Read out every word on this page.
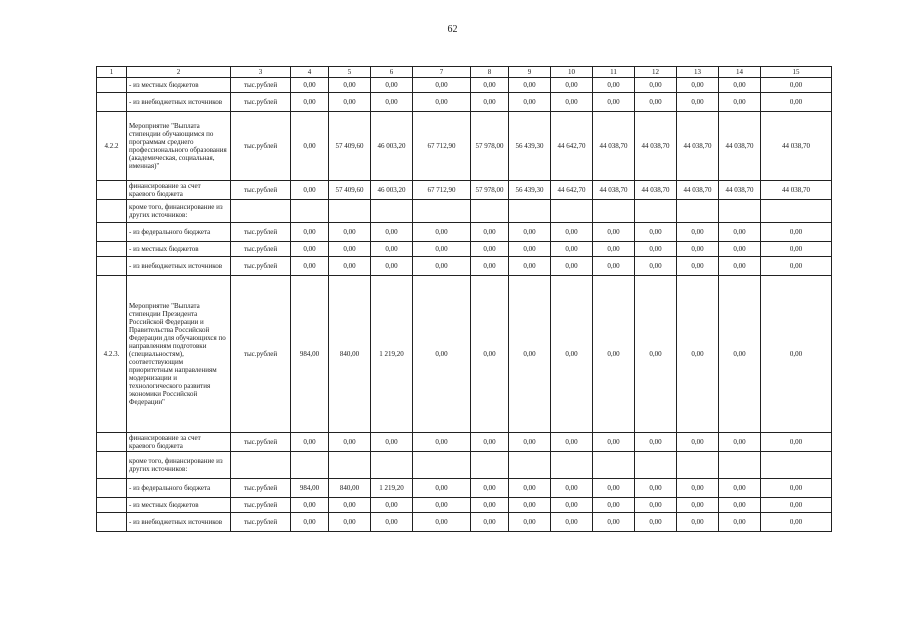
62
1	2	3	4	5	6	7	8	9	10	11	12	13	14	15
	- из местных бюджетов	тыс.рублей	0,00	0,00	0,00	0,00	0,00	0,00	0,00	0,00	0,00	0,00	0,00	0,00
	- из внебюджетных источников	тыс.рублей	0,00	0,00	0,00	0,00	0,00	0,00	0,00	0,00	0,00	0,00	0,00	0,00
4.2.2	Мероприятие "Выплата стипендии обучающимся по программам среднего профессионального образования (академическая, социальная, именная)"	тыс.рублей	0,00	57 409,60	46 003,20	67 712,90	57 978,00	56 439,30	44 642,70	44 038,70	44 038,70	44 038,70	44 038,70	44 038,70
	финансирование за счет краевого бюджета	тыс.рублей	0,00	57 409,60	46 003,20	67 712,90	57 978,00	56 439,30	44 642,70	44 038,70	44 038,70	44 038,70	44 038,70	44 038,70
	кроме того, финансирование из других источников:													
	- из федерального бюджета	тыс.рублей	0,00	0,00	0,00	0,00	0,00	0,00	0,00	0,00	0,00	0,00	0,00	0,00
	- из местных бюджетов	тыс.рублей	0,00	0,00	0,00	0,00	0,00	0,00	0,00	0,00	0,00	0,00	0,00	0,00
	- из внебюджетных источников	тыс.рублей	0,00	0,00	0,00	0,00	0,00	0,00	0,00	0,00	0,00	0,00	0,00	0,00
4.2.3.	Мероприятие "Выплата стипендии Президента Российской Федерации и Правительства Российской Федерации для обучающихся по направлениям подготовки (специальностям), соответствующим приоритетным направлениям модернизации и технологического развития экономики Российской Федерации"	тыс.рублей	984,00	840,00	1 219,20	0,00	0,00	0,00	0,00	0,00	0,00	0,00	0,00	0,00
	финансирование за счет краевого бюджета	тыс.рублей	0,00	0,00	0,00	0,00	0,00	0,00	0,00	0,00	0,00	0,00	0,00	0,00
	кроме того, финансирование из других источников:													
	- из федерального бюджета	тыс.рублей	984,00	840,00	1 219,20	0,00	0,00	0,00	0,00	0,00	0,00	0,00	0,00	0,00
	- из местных бюджетов	тыс.рублей	0,00	0,00	0,00	0,00	0,00	0,00	0,00	0,00	0,00	0,00	0,00	0,00
	- из внебюджетных источников	тыс.рублей	0,00	0,00	0,00	0,00	0,00	0,00	0,00	0,00	0,00	0,00	0,00	0,00
